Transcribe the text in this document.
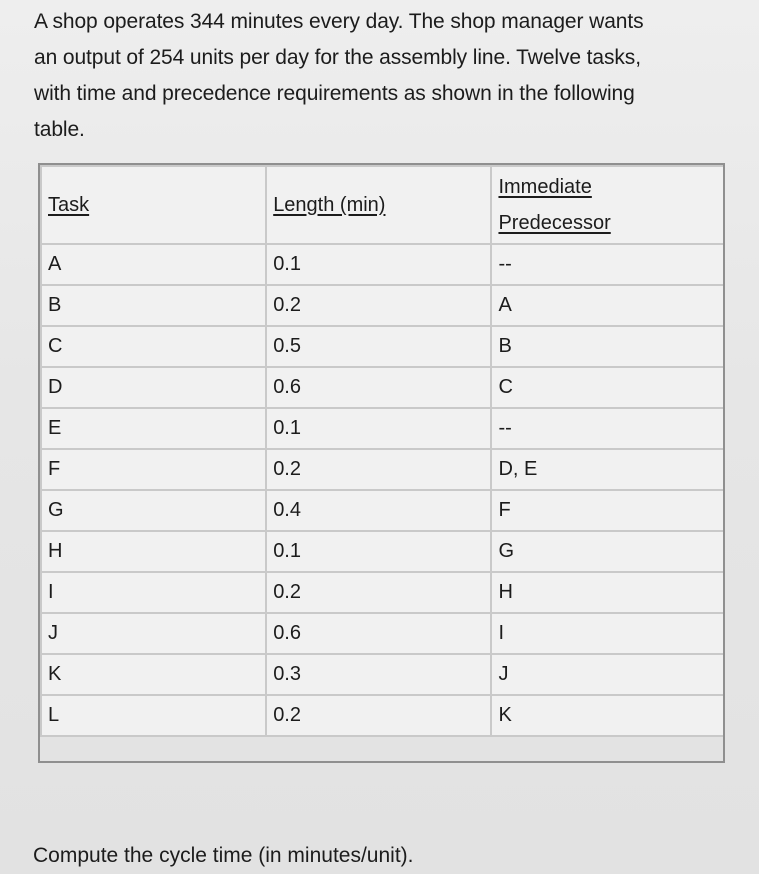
A shop operates 344 minutes every day. The shop manager wants
an output of 254 units per day for the assembly line. Twelve tasks,
with time and precedence requirements as shown in the following
table.
Task	Length (min)	Immediate
Predecessor

A	0.1	--
B	0.2	A
C	0.5	B
D	0.6	C
E	0.1	--
F	0.2	D, E
G	0.4	F
H	0.1	G
I	0.2	H
J	0.6	I
K	0.3	J
L	0.2	K
Compute the cycle time (in minutes/unit).
